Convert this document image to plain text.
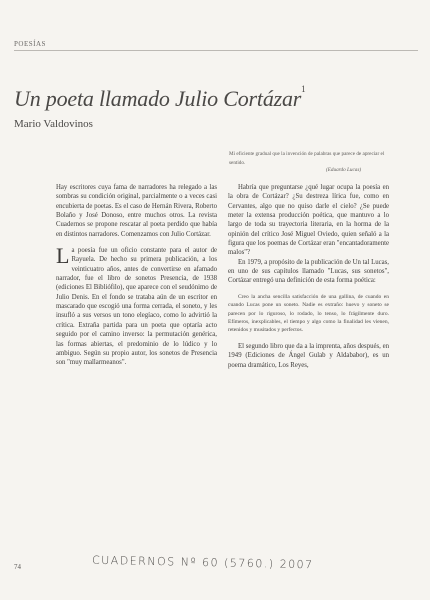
POESÍAS
Un poeta llamado Julio Cortázar$^1$
Mario Valdovinos
Mi eficiente gradual que la invención de palabras que parece de apreciar el sentido.
(Eduardo Lucas)

Hay escritores cuya fama de narradores ha relegado a las sombras su condición original, parcialmente o a veces casi encubierta de poetas. Es el caso de Hernán Rivera, Roberto Bolaño y José Donoso, entre muchos otros. La revista Cuadernos se propone rescatar al poeta perdido que había en distintos narradores. Comenzamos con Julio Cortázar.

La poesía fue un oficio constante para el autor de Rayuela. De hecho su primera publicación, a los veinticuatro años, antes de convertirse en afamado narrador, fue el libro de sonetos Presencia, de 1938 (ediciones El Bibliófilo), que aparece con el seudónimo de Julio Denis. En el fondo se trataba aún de un escritor en mascarado que escogió una forma cerrada, el soneto, y les insufló a sus versos un tono elegíaco, como lo advirtió la crítica. Extraña partida para un poeta que optaría acto seguido por el camino inverso: la permutación genérica, las formas abiertas, el predominio de lo lúdico y lo ambiguo. Según su propio autor, los sonetos de Presencia son "muy mallarmeanos".

Habría que preguntarse ¿qué lugar ocupa la poesía en la obra de Cortázar? ¿Su destreza lírica fue, como en Cervantes, algo que no quiso darle el cielo? ¿Se puede meter la extensa producción poética, que mantuvo a lo largo de toda su trayectoria literaria, en la horma de la opinión del crítico José Miguel Oviedo, quien señaló a la figura que los poemas de Cortázar eran "encantadoramente malos"?

En 1979, a propósito de la publicación de Un tal Lucas, en uno de sus capítulos llamado "Lucas, sus sonetos", Cortázar entregó una definición de esta forma poética:

Creo la ancha sencilla satisfacción de una gallina, de cuando en cuando Lucas pone un soneto. Nadie es extraño: huevo y soneto se parecen por lo riguroso, lo rodado, lo tenso, lo frágilmente duro. Efímeros, inexplicables, el tiempo y algo como la finalidad les vienen, retenidos y musitados y perfectos.

El segundo libro que da a la imprenta, años después, en 1949 (Ediciones de Ángel Gulab y Aldababor), es un poema dramático, Los Reyes,

74	CUADERNOS Nº 60 (5760.) 2007
